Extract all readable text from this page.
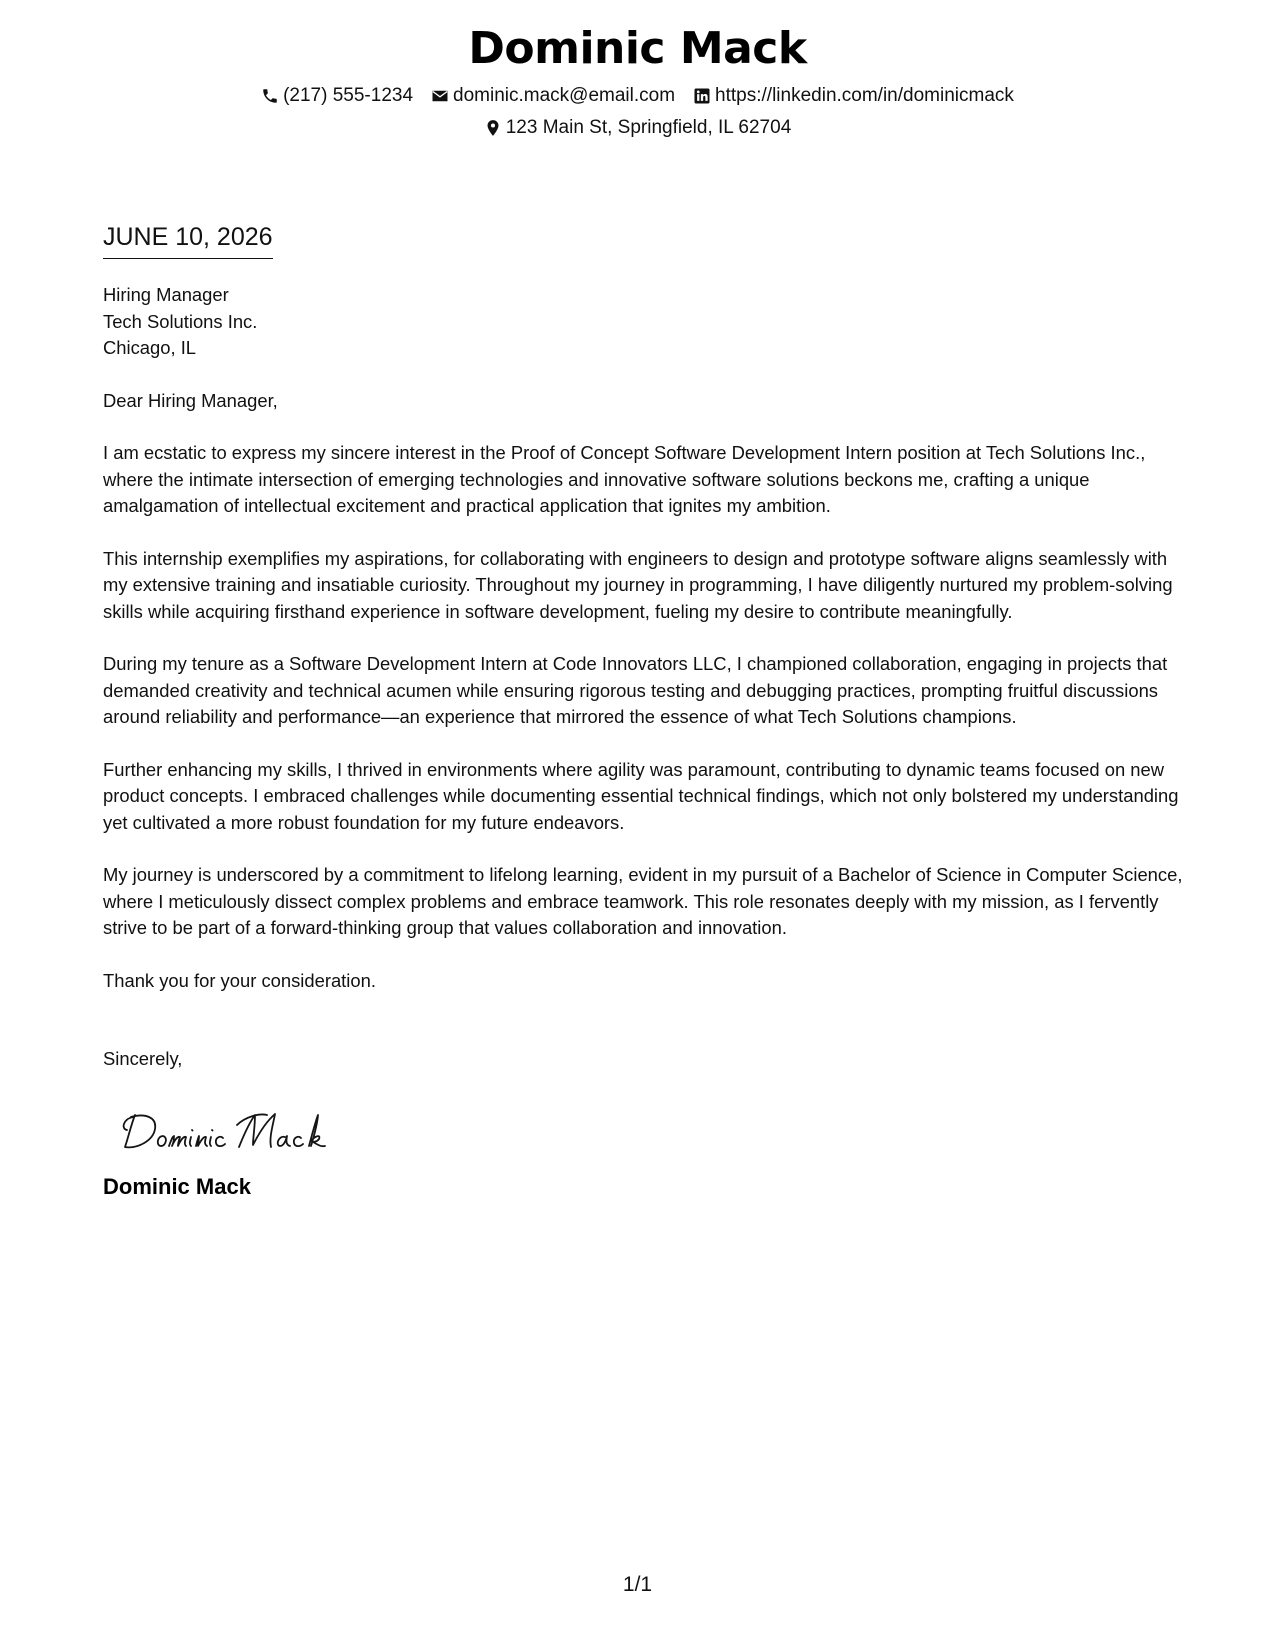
Dominic Mack
(217) 555-1234 dominic.mack@email.com https://linkedin.com/in/dominicmack
123 Main St, Springfield, IL 62704
JUNE 10, 2026
Hiring Manager
Tech Solutions Inc.
Chicago, IL
Dear Hiring Manager,
I am ecstatic to express my sincere interest in the Proof of Concept Software Development Intern position at Tech Solutions Inc., where the intimate intersection of emerging technologies and innovative software solutions beckons me, crafting a unique amalgamation of intellectual excitement and practical application that ignites my ambition.
This internship exemplifies my aspirations, for collaborating with engineers to design and prototype software aligns seamlessly with my extensive training and insatiable curiosity. Throughout my journey in programming, I have diligently nurtured my problem-solving skills while acquiring firsthand experience in software development, fueling my desire to contribute meaningfully.
During my tenure as a Software Development Intern at Code Innovators LLC, I championed collaboration, engaging in projects that demanded creativity and technical acumen while ensuring rigorous testing and debugging practices, prompting fruitful discussions around reliability and performance—an experience that mirrored the essence of what Tech Solutions champions.
Further enhancing my skills, I thrived in environments where agility was paramount, contributing to dynamic teams focused on new product concepts. I embraced challenges while documenting essential technical findings, which not only bolstered my understanding yet cultivated a more robust foundation for my future endeavors.
My journey is underscored by a commitment to lifelong learning, evident in my pursuit of a Bachelor of Science in Computer Science, where I meticulously dissect complex problems and embrace teamwork. This role resonates deeply with my mission, as I fervently strive to be part of a forward-thinking group that values collaboration and innovation.
Thank you for your consideration.
Sincerely,
Dominic Mack
1/1
